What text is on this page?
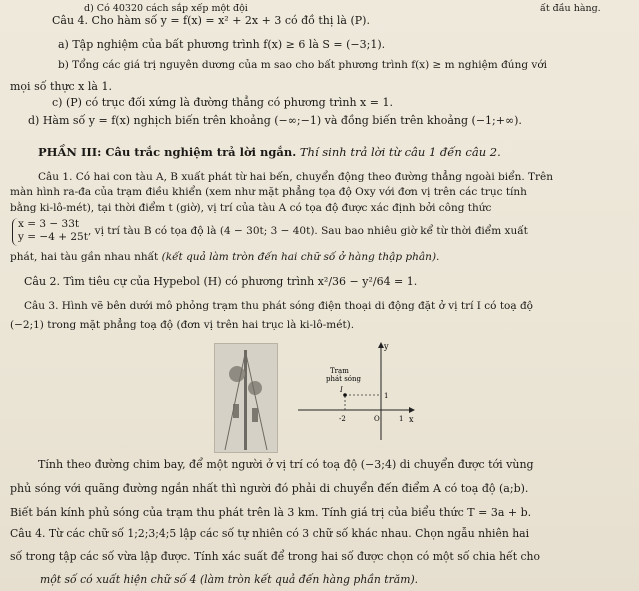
d) Có 40320 cách sắp xếp một đội	ất đầu hàng.
Câu 4. Cho hàm số y = f(x) = x² + 2x + 3 có đồ thị là (P).
a) Tập nghiệm của bất phương trình f(x) ≥ 6 là S = (−3;1).
b) Tổng các giá trị nguyên dương của m sao cho bất phương trình f(x) ≥ m nghiệm đúng với
mọi số thực x là 1.
c) (P) có trục đối xứng là đường thẳng có phương trình x = 1.
d) Hàm số y = f(x) nghịch biến trên khoảng (−∞;−1) và đồng biến trên khoảng (−1;+∞).
PHẦN III: Câu trắc nghiệm trả lời ngắn. Thí sinh trả lời từ câu 1 đến câu 2.
Câu 1. Có hai con tàu A, B xuất phát từ hai bến, chuyển động theo đường thẳng ngoài biển. Trên
màn hình ra-đa của trạm điều khiển (xem như mặt phẳng tọa độ Oxy với đơn vị trên các trục tính
bằng ki-lô-mét), tại thời điểm t (giờ), vị trí của tàu A có tọa độ được xác định bởi công thức
x = 3 − 33t
y = −4 + 25t , vị trí tàu B có tọa độ là (4 − 30t; 3 − 40t). Sau bao nhiêu giờ kể từ thời điểm xuất
phát, hai tàu gần nhau nhất (kết quả làm tròn đến hai chữ số ở hàng thập phân).
Câu 2. Tìm tiêu cự của Hypebol (H) có phương trình x²/36 − y²/64 = 1.
Câu 3. Hình vẽ bên dưới mô phỏng trạm thu phát sóng điện thoại di động đặt ở vị trí I có toạ độ
(−2;1) trong mặt phẳng toạ độ (đơn vị trên hai trục là ki-lô-mét).
y
x
Trạm
phát sóng
I
-2	O	1
1
Tính theo đường chim bay, để một người ở vị trí có toạ độ (−3;4) di chuyển được tới vùng
phủ sóng với quãng đường ngắn nhất thì người đó phải di chuyển đến điểm A có toạ độ (a;b).
Biết bán kính phủ sóng của trạm thu phát trên là 3 km. Tính giá trị của biểu thức T = 3a + b.
Câu 4. Từ các chữ số 1;2;3;4;5 lập các số tự nhiên có 3 chữ số khác nhau. Chọn ngẫu nhiên hai
số trong tập các số vừa lập được. Tính xác suất để trong hai số được chọn có một số chia hết cho
một số có xuất hiện chữ số 4 (làm tròn kết quả đến hàng phần trăm).
